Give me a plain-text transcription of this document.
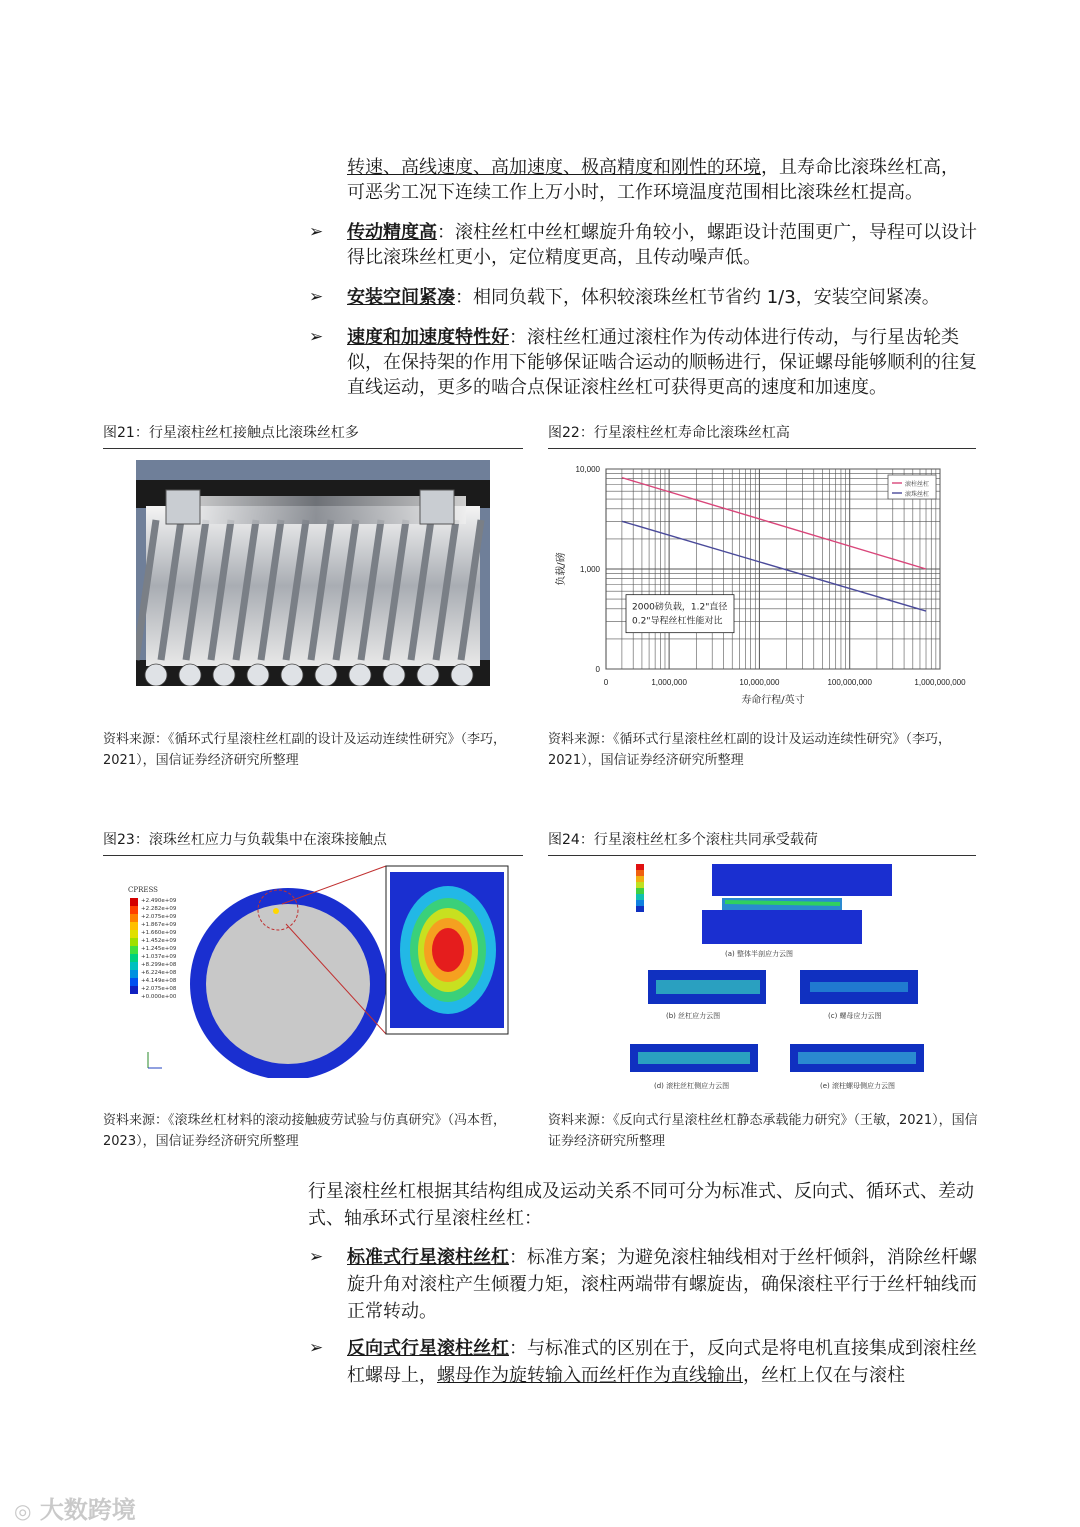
转速、高线速度、高加速度、极高精度和刚性的环境，且寿命比滚珠丝杠高，
可恶劣工况下连续工作上万小时，工作环境温度范围相比滚珠丝杠提高。
➢ 传动精度高：滚柱丝杠中丝杠螺旋升角较小，螺距设计范围更广，导程可以设计得比滚珠丝杠更小，定位精度更高，且传动噪声低。
➢ 安装空间紧凑：相同负载下，体积较滚珠丝杠节省约 1/3，安装空间紧凑。
➢ 速度和加速度特性好：滚柱丝杠通过滚柱作为传动体进行传动，与行星齿轮类似，在保持架的作用下能够保证啮合运动的顺畅进行，保证螺母能够顺利的往复直线运动，更多的啮合点保证滚柱丝杠可获得更高的速度和加速度。
图21：行星滚柱丝杠接触点比滚珠丝杠多
资料来源：《循环式行星滚柱丝杠副的设计及运动连续性研究》（李巧，2021），国信证券经济研究所整理
图22：行星滚柱丝杠寿命比滚珠丝杠高
0
1,000
10,000
0	1,000,000	10,000,000	100,000,000	1,000,000,000
寿命行程/英寸
负载/磅
滚柱丝杠
滚珠丝杠
2000磅负载，1.2"直径
0.2"导程丝杠性能对比
资料来源：《循环式行星滚柱丝杠副的设计及运动连续性研究》（李巧，2021），国信证券经济研究所整理
图23：滚珠丝杠应力与负载集中在滚珠接触点
CPRESS
+2.490e+09
+2.282e+09
+2.075e+09
+1.867e+09
+1.660e+09
+1.452e+09
+1.245e+09
+1.037e+09
+8.299e+08
+6.224e+08
+4.149e+08
+2.075e+08
+0.000e+00
资料来源：《滚珠丝杠材料的滚动接触疲劳试验与仿真研究》（冯本哲，2023），国信证券经济研究所整理
图24：行星滚柱丝杠多个滚柱共同承受载荷
(a) 整体半剖应力云图
(b) 丝杠应力云图	(c) 螺母应力云图
(d) 滚柱丝杠侧应力云图	(e) 滚柱螺母侧应力云图
资料来源：《反向式行星滚柱丝杠静态承载能力研究》（王敏，2021），国信证券经济研究所整理
行星滚柱丝杠根据其结构组成及运动关系不同可分为标准式、反向式、循环式、差动式、轴承环式行星滚柱丝杠：
➢ 标准式行星滚柱丝杠：标准方案；为避免滚柱轴线相对于丝杆倾斜，消除丝杆螺旋升角对滚柱产生倾覆力矩，滚柱两端带有螺旋齿，确保滚柱平行于丝杆轴线而正常转动。
➢ 反向式行星滚柱丝杠：与标准式的区别在于，反向式是将电机直接集成到滚柱丝杠螺母上，螺母作为旋转输入而丝杆作为直线输出，丝杠上仅在与滚柱
◎ 大数跨境
